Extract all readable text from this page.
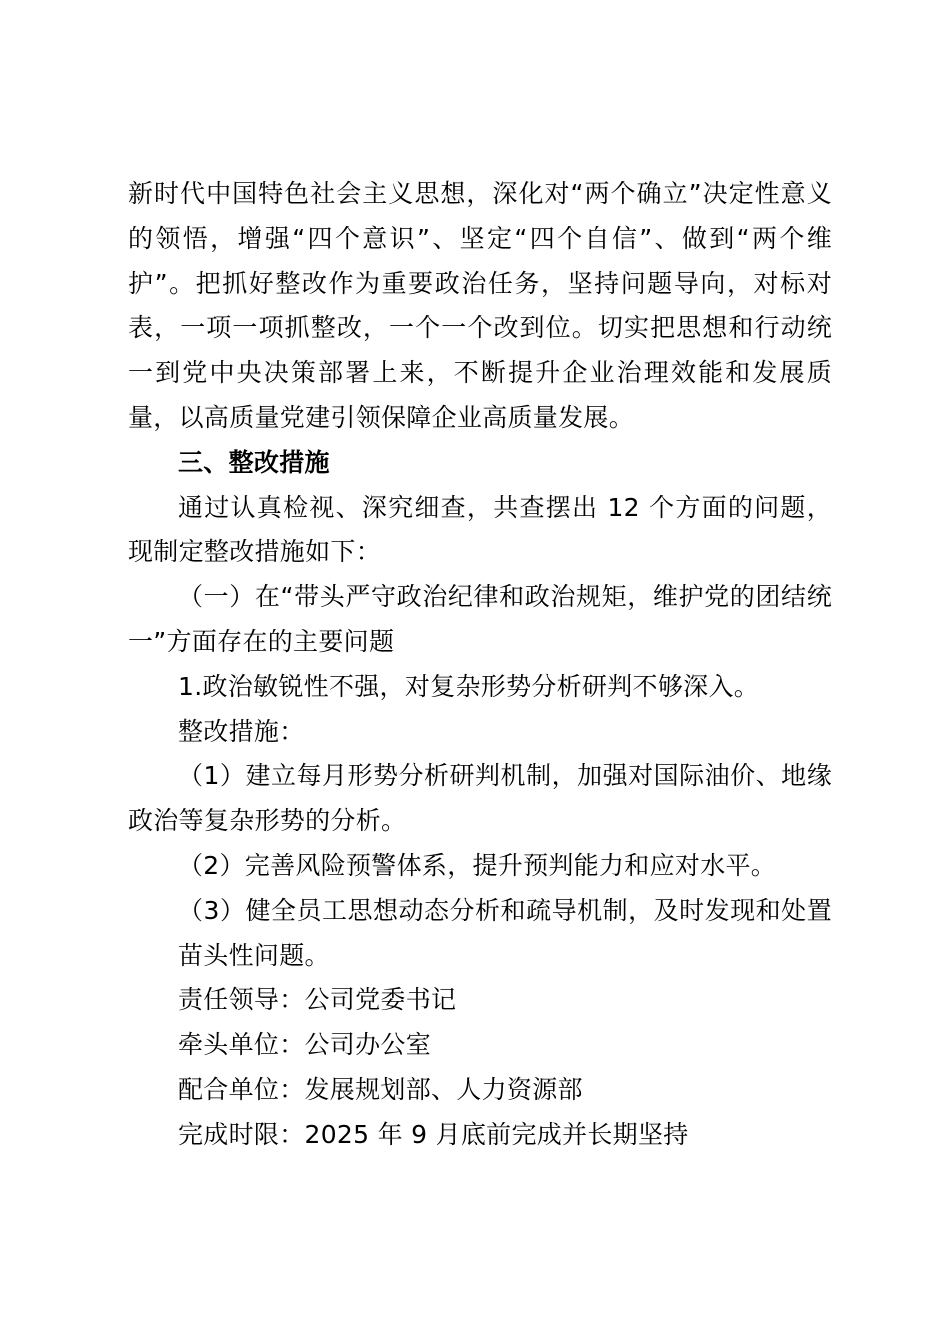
新时代中国特色社会主义思想，深化对“两个确立”决定性意义的领悟，增强“四个意识”、坚定“四个自信”、做到“两个维护”。把抓好整改作为重要政治任务，坚持问题导向，对标对表，一项一项抓整改，一个一个改到位。切实把思想和行动统一到党中央决策部署上来，不断提升企业治理效能和发展质量，以高质量党建引领保障企业高质量发展。

三、整改措施

通过认真检视、深究细查，共查摆出 12 个方面的问题，现制定整改措施如下：

（一）在“带头严守政治纪律和政治规矩，维护党的团结统一”方面存在的主要问题

1.政治敏锐性不强，对复杂形势分析研判不够深入。

整改措施：

（1）建立每月形势分析研判机制，加强对国际油价、地缘政治等复杂形势的分析。

（2）完善风险预警体系，提升预判能力和应对水平。

（3）健全员工思想动态分析和疏导机制，及时发现和处置苗头性问题。

责任领导：公司党委书记

牵头单位：公司办公室

配合单位：发展规划部、人力资源部

完成时限：2025 年 9 月底前完成并长期坚持
